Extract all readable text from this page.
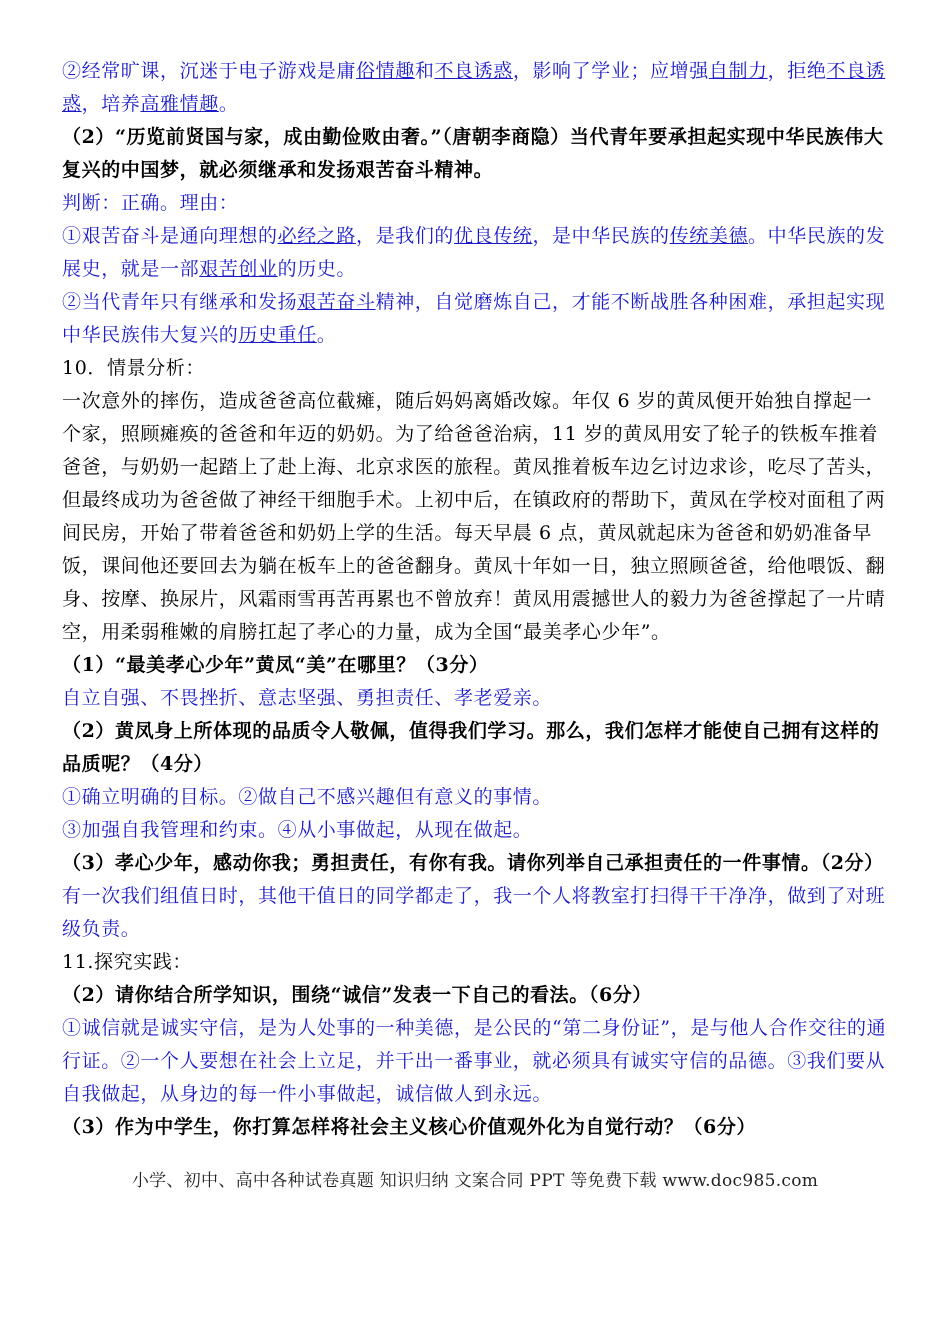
②经常旷课，沉迷于电子游戏是庸俗情趣和不良诱惑，影响了学业；应增强自制力，拒绝不良诱惑，培养高雅情趣。

（2）“历览前贤国与家，成由勤俭败由奢。”（唐朝李商隐）当代青年要承担起实现中华民族伟大复兴的中国梦，就必须继承和发扬艰苦奋斗精神。

判断：正确。理由：

①艰苦奋斗是通向理想的必经之路，是我们的优良传统，是中华民族的传统美德。中华民族的发展史，就是一部艰苦创业的历史。

②当代青年只有继承和发扬艰苦奋斗精神，自觉磨炼自己，才能不断战胜各种困难，承担起实现中华民族伟大复兴的历史重任。

10．情景分析：

一次意外的摔伤，造成爸爸高位截瘫，随后妈妈离婚改嫁。年仅 6 岁的黄凤便开始独自撑起一个家，照顾瘫痪的爸爸和年迈的奶奶。为了给爸爸治病，11 岁的黄凤用安了轮子的铁板车推着爸爸，与奶奶一起踏上了赴上海、北京求医的旅程。黄凤推着板车边乞讨边求诊，吃尽了苦头，但最终成功为爸爸做了神经干细胞手术。上初中后，在镇政府的帮助下，黄凤在学校对面租了两间民房，开始了带着爸爸和奶奶上学的生活。每天早晨 6 点，黄凤就起床为爸爸和奶奶准备早饭，课间他还要回去为躺在板车上的爸爸翻身。黄凤十年如一日，独立照顾爸爸，给他喂饭、翻身、按摩、换尿片，风霜雨雪再苦再累也不曾放弃！黄凤用震撼世人的毅力为爸爸撑起了一片晴空，用柔弱稚嫩的肩膀扛起了孝心的力量，成为全国“最美孝心少年”。

（1）“最美孝心少年”黄凤“美”在哪里？（3分）

自立自强、不畏挫折、意志坚强、勇担责任、孝老爱亲。

（2）黄凤身上所体现的品质令人敬佩，值得我们学习。那么，我们怎样才能使自己拥有这样的品质呢？（4分）

①确立明确的目标。②做自己不感兴趣但有意义的事情。

③加强自我管理和约束。④从小事做起，从现在做起。

（3）孝心少年，感动你我；勇担责任，有你有我。请你列举自己承担责任的一件事情。（2分）

有一次我们组值日时，其他干值日的同学都走了，我一个人将教室打扫得干干净净，做到了对班级负责。

11.探究实践：

（2）请你结合所学知识，围绕“诚信”发表一下自己的看法。（6分）

①诚信就是诚实守信，是为人处事的一种美德，是公民的“第二身份证”，是与他人合作交往的通行证。②一个人要想在社会上立足，并干出一番事业，就必须具有诚实守信的品德。③我们要从自我做起，从身边的每一件小事做起，诚信做人到永远。

（3）作为中学生，你打算怎样将社会主义核心价值观外化为自觉行动？（6分）

小学、初中、高中各种试卷真题 知识归纳 文案合同 PPT 等免费下载 www.doc985.com
